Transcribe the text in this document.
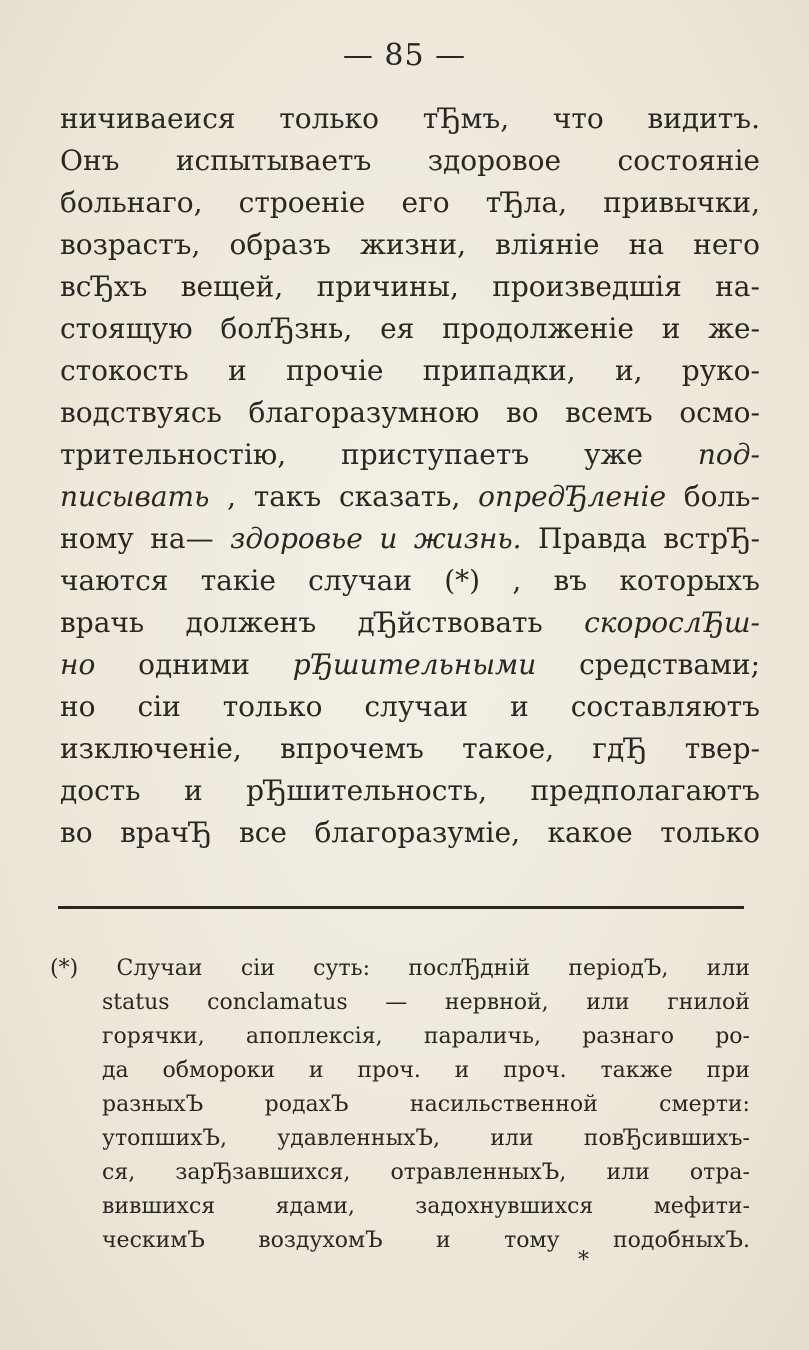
— 85 —
ничиваеися только тЂмъ, что видитъ.
Онъ испытываетъ здоровое состоянiе
больнаго, строенiе его тЂла, привычки,
возрастъ, образъ жизни, влiянiе на него
всЂхъ вещей, причины, произведшiя на-
стоящую болЂзнь, ея продолженiе и же-
стокость и прочiе припадки, и, руко-
водствуясь благоразумною во всемъ осмо-
трительностiю, приступаетъ уже под-
писывать , такъ сказать, опредЂленiе боль-
ному на— здоровье и жизнь. Правда встрЂ-
чаются такiе случаи (*) , въ которыхъ
врачь долженъ дЂйствовать скорослЂш-
но одними рЂшительными средствами;
но сiи только случаи и составляютъ
изключенiе, впрочемъ такое, гдЂ твер-
дость и рЂшительность, предполагаютъ
во врачЂ все благоразумiе, какое только
(*) Случаи сiи суть: послЂднiй перiодЪ, или
status conclamatus — нервной, или гнилой
горячки, апоплексiя, параличь, разнаго ро-
да обмороки и проч. и проч. также при
разныхЪ	родахЪ	насильственной	смерти:
утопшихЪ, удавленныхЪ, или повЂсившихъ-
ся, зарЂзавшихся, отравленныхЪ, или отра-
вившихся	ядами,	задохнувшихся	мефити-
ческимЪ воздухомЪ и тому подобныхЪ.
*
